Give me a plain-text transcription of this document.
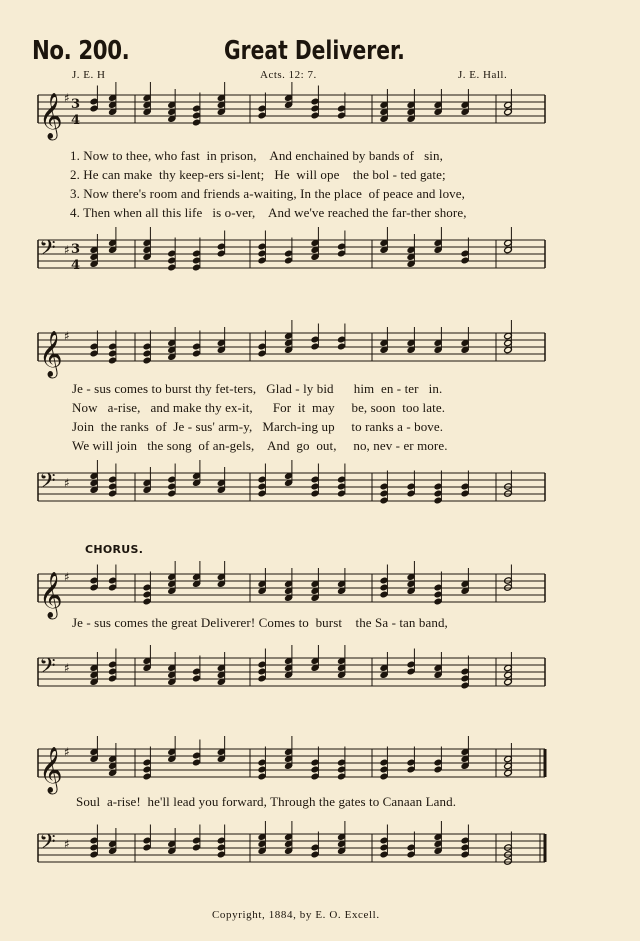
No. 200.	Great Deliverer.
J. E. H	Acts. 12: 7.	J. E. Hall.
𝄞 ♯ 3
4
1. Now to thee, who fast  in prison,    And enchained by bands of   sin,
2. He can make  thy keep-ers si-lent;   He  will ope    the bol - ted gate;
3. Now there's room and friends a-waiting, In the place  of peace and love,
4. Then when all this life   is o-ver,    And we've reached the far-ther shore,
𝄢 ♯ 3
4
𝄞 ♯
Je - sus comes to burst thy fet-ters,   Glad - ly bid      him  en - ter   in.
Now   a-rise,   and make thy ex-it,      For  it  may     be, soon  too late.
Join  the ranks  of  Je - sus' arm-y,   March-ing up     to ranks a - bove.
We will join   the song  of an-gels,    And  go  out,     no, nev - er more.
𝄢 ♯
CHORUS.
𝄞 ♯
Je - sus comes the great Deliverer! Comes to  burst    the Sa - tan band,
𝄢 ♯
𝄞 ♯
Soul  a-rise!  he'll lead you forward, Through the gates to Canaan Land.
𝄢 ♯
Copyright, 1884, by E. O. Excell.
